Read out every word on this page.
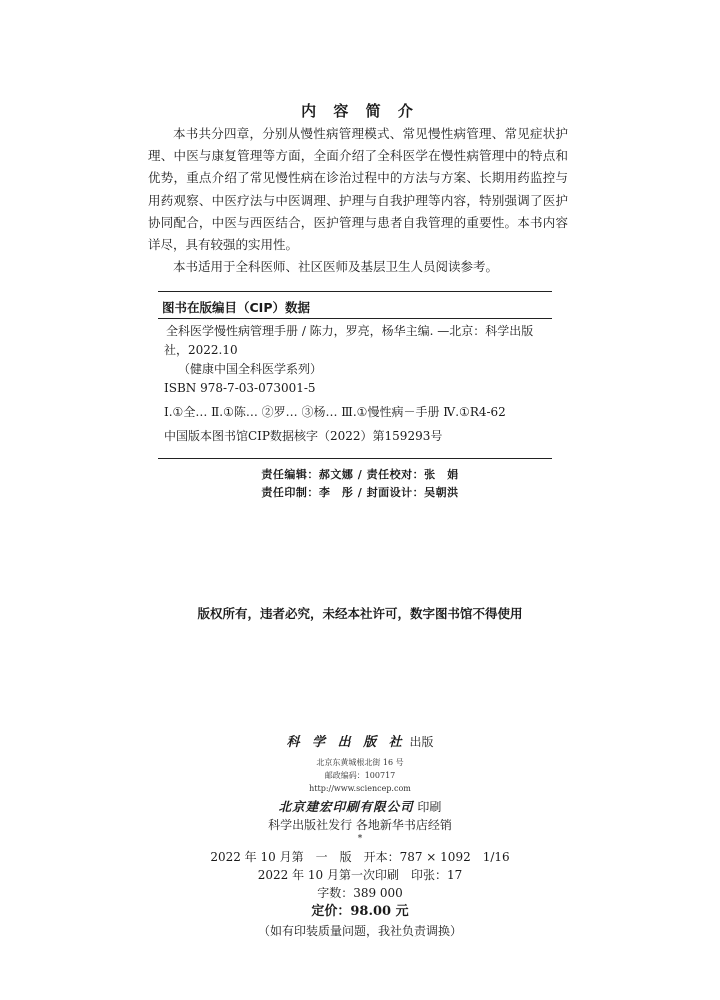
内 容 简 介

本书共分四章，分别从慢性病管理模式、常见慢性病管理、常见症状护理、中医与康复管理等方面，全面介绍了全科医学在慢性病管理中的特点和优势，重点介绍了常见慢性病在诊治过程中的方法与方案、长期用药监控与用药观察、中医疗法与中医调理、护理与自我护理等内容，特别强调了医护协同配合，中医与西医结合，医护管理与患者自我管理的重要性。本书内容详尽，具有较强的实用性。

本书适用于全科医师、社区医师及基层卫生人员阅读参考。

图书在版编目（CIP）数据
全科医学慢性病管理手册 / 陈力，罗亮，杨华主编. —北京：科学出版
社，2022.10
（健康中国全科医学系列）
ISBN 978-7-03-073001-5
Ⅰ.①全… Ⅱ.①陈… ②罗… ③杨… Ⅲ.①慢性病－手册 Ⅳ.①R4-62
中国版本图书馆CIP数据核字（2022）第159293号
责任编辑：郝文娜 / 责任校对：张　娟
责任印制：李　彤 / 封面设计：吴朝洪
版权所有，违者必究，未经本社许可，数字图书馆不得使用
科 学 出 版 社 出版
北京东黄城根北街 16 号
邮政编码：100717
http://www.sciencep.com
北京建宏印刷有限公司 印刷
科学出版社发行 各地新华书店经销
*
2022 年 10 月第　一　版　开本：787 × 1092　1/16
2022 年 10 月第一次印刷　印张：17
字数：389 000
定价：98.00 元
（如有印装质量问题，我社负责调换）
